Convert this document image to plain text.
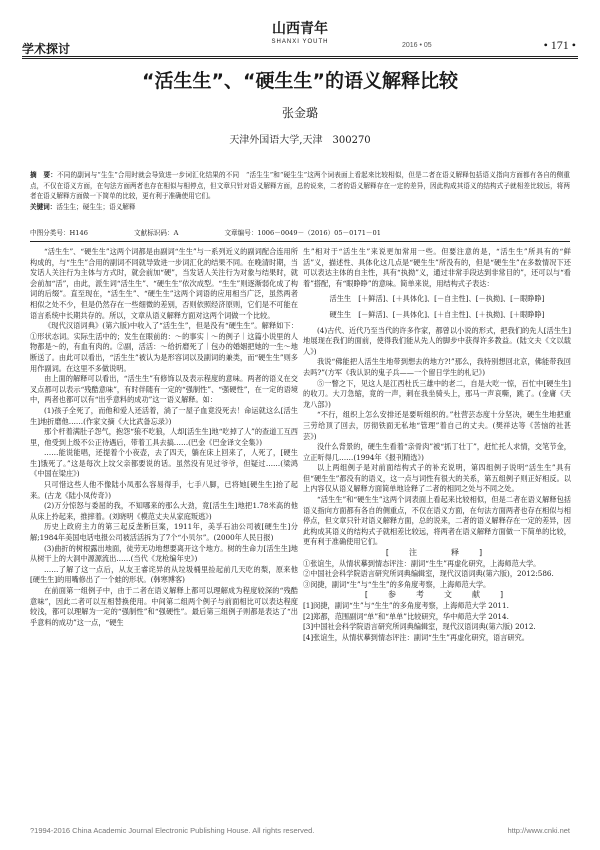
学术探讨
山西青年
SHANXI YOUTH	2016 • 05	• 171 •
“活生生”、“硬生生”的语义解释比较
张金璐
天津外国语大学,天津　300270
摘　要：不同的副词与“生生”合用时就会导致进一步词汇化结果的不同　“活生生”和“硬生生”这两个词表面上看起来比较相似，但是二者在语义解释包括语义指向方面都有各自的侧重点，不仅在语义方面，在句法方面两者也存在相似与相停点，但文章只针对语义解释方面，总的说来，二者的语义解释存在一定的差异，因此构成其语义的结构式子就相差比较远，将两者在语义解释方面做一下简单的比较，更有利于准确使用它们。
关键词：活生生；硬生生；语义解释
中图分类号：H146	文献标识码：A	文章编号：1006－0049－（2016）05－0171－01

“活生生”、“硬生生”这两个词都是由副词“生生”与一系列近义的副词配合连用所构成的，与“生生”合用的副词不同就导致进一步词汇化的结果不同。在晚清时期，当发话人关注行为主体与方式时，就会前加“硬”，当发话人关注行为对象与结果时，就会前加“活”，由此，派生词“活生生”、“硬生生”依次成型。“生生”则逐渐弱化成了构词的后缀”。直至现在，“活生生”、“硬生生”这两个词语的应用相当广泛，虽然两者相似之处不少，但是仍然存在一些细微的差别，否则依照经济原则，它们是不可能在语言系统中长期共存的。所以，文章从语义解释方面对这两个词做一个比较。

《现代汉语词典》(第六版)中收入了“活生生”，但是没有“硬生生”。解释如下：①形状态词。实际生活中的；发生在眼前的：～的事实｜～的例子｜这篇小说里的人物都是～的，有血有肉的。②副，活活：～给折磨死了｜包办的婚姻把她的一生～地断送了。由此可以看出，“活生生”被认为是形容词以及副词的兼类，而“硬生生”则多用作副词。在这里不多做说明。

由上面的解释可以看出，“活生生”有修饰以及表示程度的意味。两者的语义在交叉点都可以表示“残酷意味”，有时伴随有一定的“强制性”、“强硬性”，在一定的语境中，两者也都可以有“出乎意料的成功”这一语义解释。如：

(1)孩子全死了，而他和爱人还活着，淌了一屋子血竟没死去！命运就这么[活生生]地折磨他……(作家文摘《大比武备忘录》)

那个杆着满肚子怨气，抱怨“狼不吃狼，人却[活生生]地“吃掉了人”的查道工互西里，他受到上级不公正待遇后，带着工具去搞……(巴金《巴金译文全集》)

……能说能唱，还提着个小夜壶，去了四天，躺在床上回来了，人死了，[硬生生]饿死了。”这是每次上坟父亲都要说的话。虽然没有见过爷爷，但疑过……(梁鸿《中国在梁庄》)

只可惜这些人他不像陆小凤那么容易得手，七手八脚，已将她[硬生生]抬了起来。(古龙《陆小凤传奇》)

(2)万分惊怒与委屈的我，不知哪来的那么大劲，竟[活生生]地把1.78米高的他从床上拎起来，推摔着。(刘晓明《模范丈夫从家庭叛逃》)

历史上政府主力的第三起反垄断巨案，1911年，美孚石油公司被[硬生生]分解;1984年美国电话电报公司被活活拆为了7个“小贝尔”。(2000年人民日报)

(3)曲折的树根露出地面，徒劳无功地想要离开这个地方。树的生命力[活生生]地从树干上的大洞中源源流出……(当代《龙枪编年史》)

……了解了这一点后，从友王睿诧异的从垃圾桶里捡起前几天吃的梨，原来他[硬生生]的用嘴修出了一个蛙的形状。(韩寒博客)

在前面第一组例子中，由于二者在语义解释上都可以理解成为程度较深的“残酷意味”，因此二者可以互相替换使用。中间第二组两个例子与前面相比可以表达程度较浅，都可以理解为一定的“强制性”和“强硬性”。最后第三组例子则都是表达了“出乎意料的成功”这一点，“硬生

生”相对于“活生生”来说更加常用一些。但要注意的是，“活生生”所具有的“鲜活”义，描述性、具体化这几点是“硬生生”所没有的，但是“硬生生”在多数情况下还可以表达主体的自主性，具有“执拗”义，通过非常手段达到非常目的”，还可以与“看着”搭配，有“眼睁睁”的意味。简单来说，用结构式子表达：

活生生　[＋鲜活]、[＋具体化]、[－自主性]、[－执拗]、[－眼睁睁]

硬生生　[－鲜活]、[－具体化]、[＋自主性]、[＋执拗]、[＋眼睁睁]

(4)古代、近代乃至当代的许多作家，都曾以小说的形式，把我们的先人[活生生]地展现在我们的面前，使得我们能从先人的脚步中获得许多教益。(陆文夫《文以载人》)

我说“佛能把人活生生地带到想去的地方?!”那么，我特别想回北京，佛能带我回去吗?”(方军《我认识的鬼子兵——一个留日学生的札记》)

⑤一瞥之下，见这人是江西杜氏三雄中的老二，自是大吃一惊，百忙中[硬生生]的收刀。大刀急缩，竟的一声，刺在我坐骑头上，那马一声哀嘶，跳了。(金庸《天龙八部》)

“不行，组织上怎么安排还是要听组织的。”杜营芸态度十分坚决，硬生生地把重三劳给顶了回去，厉彻铁面无私地“管理”着自己的丈夫。(樊祥达等《苦恼的社甚芸》)

没什么背景的，硬生生看着“亲骨肉”被“抓丁壮丁”，赶忙托人求情，交笔节金，立正听得几……(1994年《报刊精选》)

以上两组例子是对前面结构式子的补充说明，第四组例子说明“活生生”具有但“硬生生”都没有的语义，这一点与词性有很大的关系，第五组例子则正好相反。以上内容仅从语义解释方面简单地诠释了二者的相同之处与不同之处。

“活生生”和“硬生生”这两个词表面上看起来比较相似，但是二者在语义解释包括语义指向方面都有各自的侧重点，不仅在语义方面，在句法方面两者也存在相似与相停点，但文章只针对语义解释方面，总的说来，二者的语义解释存在一定的差异，因此构成其语义的结构式子就相差比较远，将两者在语义解释方面做一下简单的比较，更有利于准确使用它们。

[　注　　释　]

①张谊生，从情状摹到情态评注：副词“生生”再虚化研究，上海师范大学。

②中国社会科学院语言研究所词典编辑室，现代汉语词典(第六版)，2012:586.

③闵捷，副词“生”与“生生”的多角度考察，上海师范大学。

[　参　考　文　献　]

[1]闵捷，副词“生”与“生生”的多角度考察，上海师范大学 2011.

[2]郑都，范围副词“单”和“单单”比较研究，华中师范大学 2014.

[3]中国社会科学院语言研究所词典编辑室，现代汉语词典(第六版) 2012.

[4]张谊生，从情状摹到情态评注：副词“生生”再虚化研究，语言研究。

?1994-2016 China Academic Journal Electronic Publishing House. All rights reserved.	http://www.cnki.net
